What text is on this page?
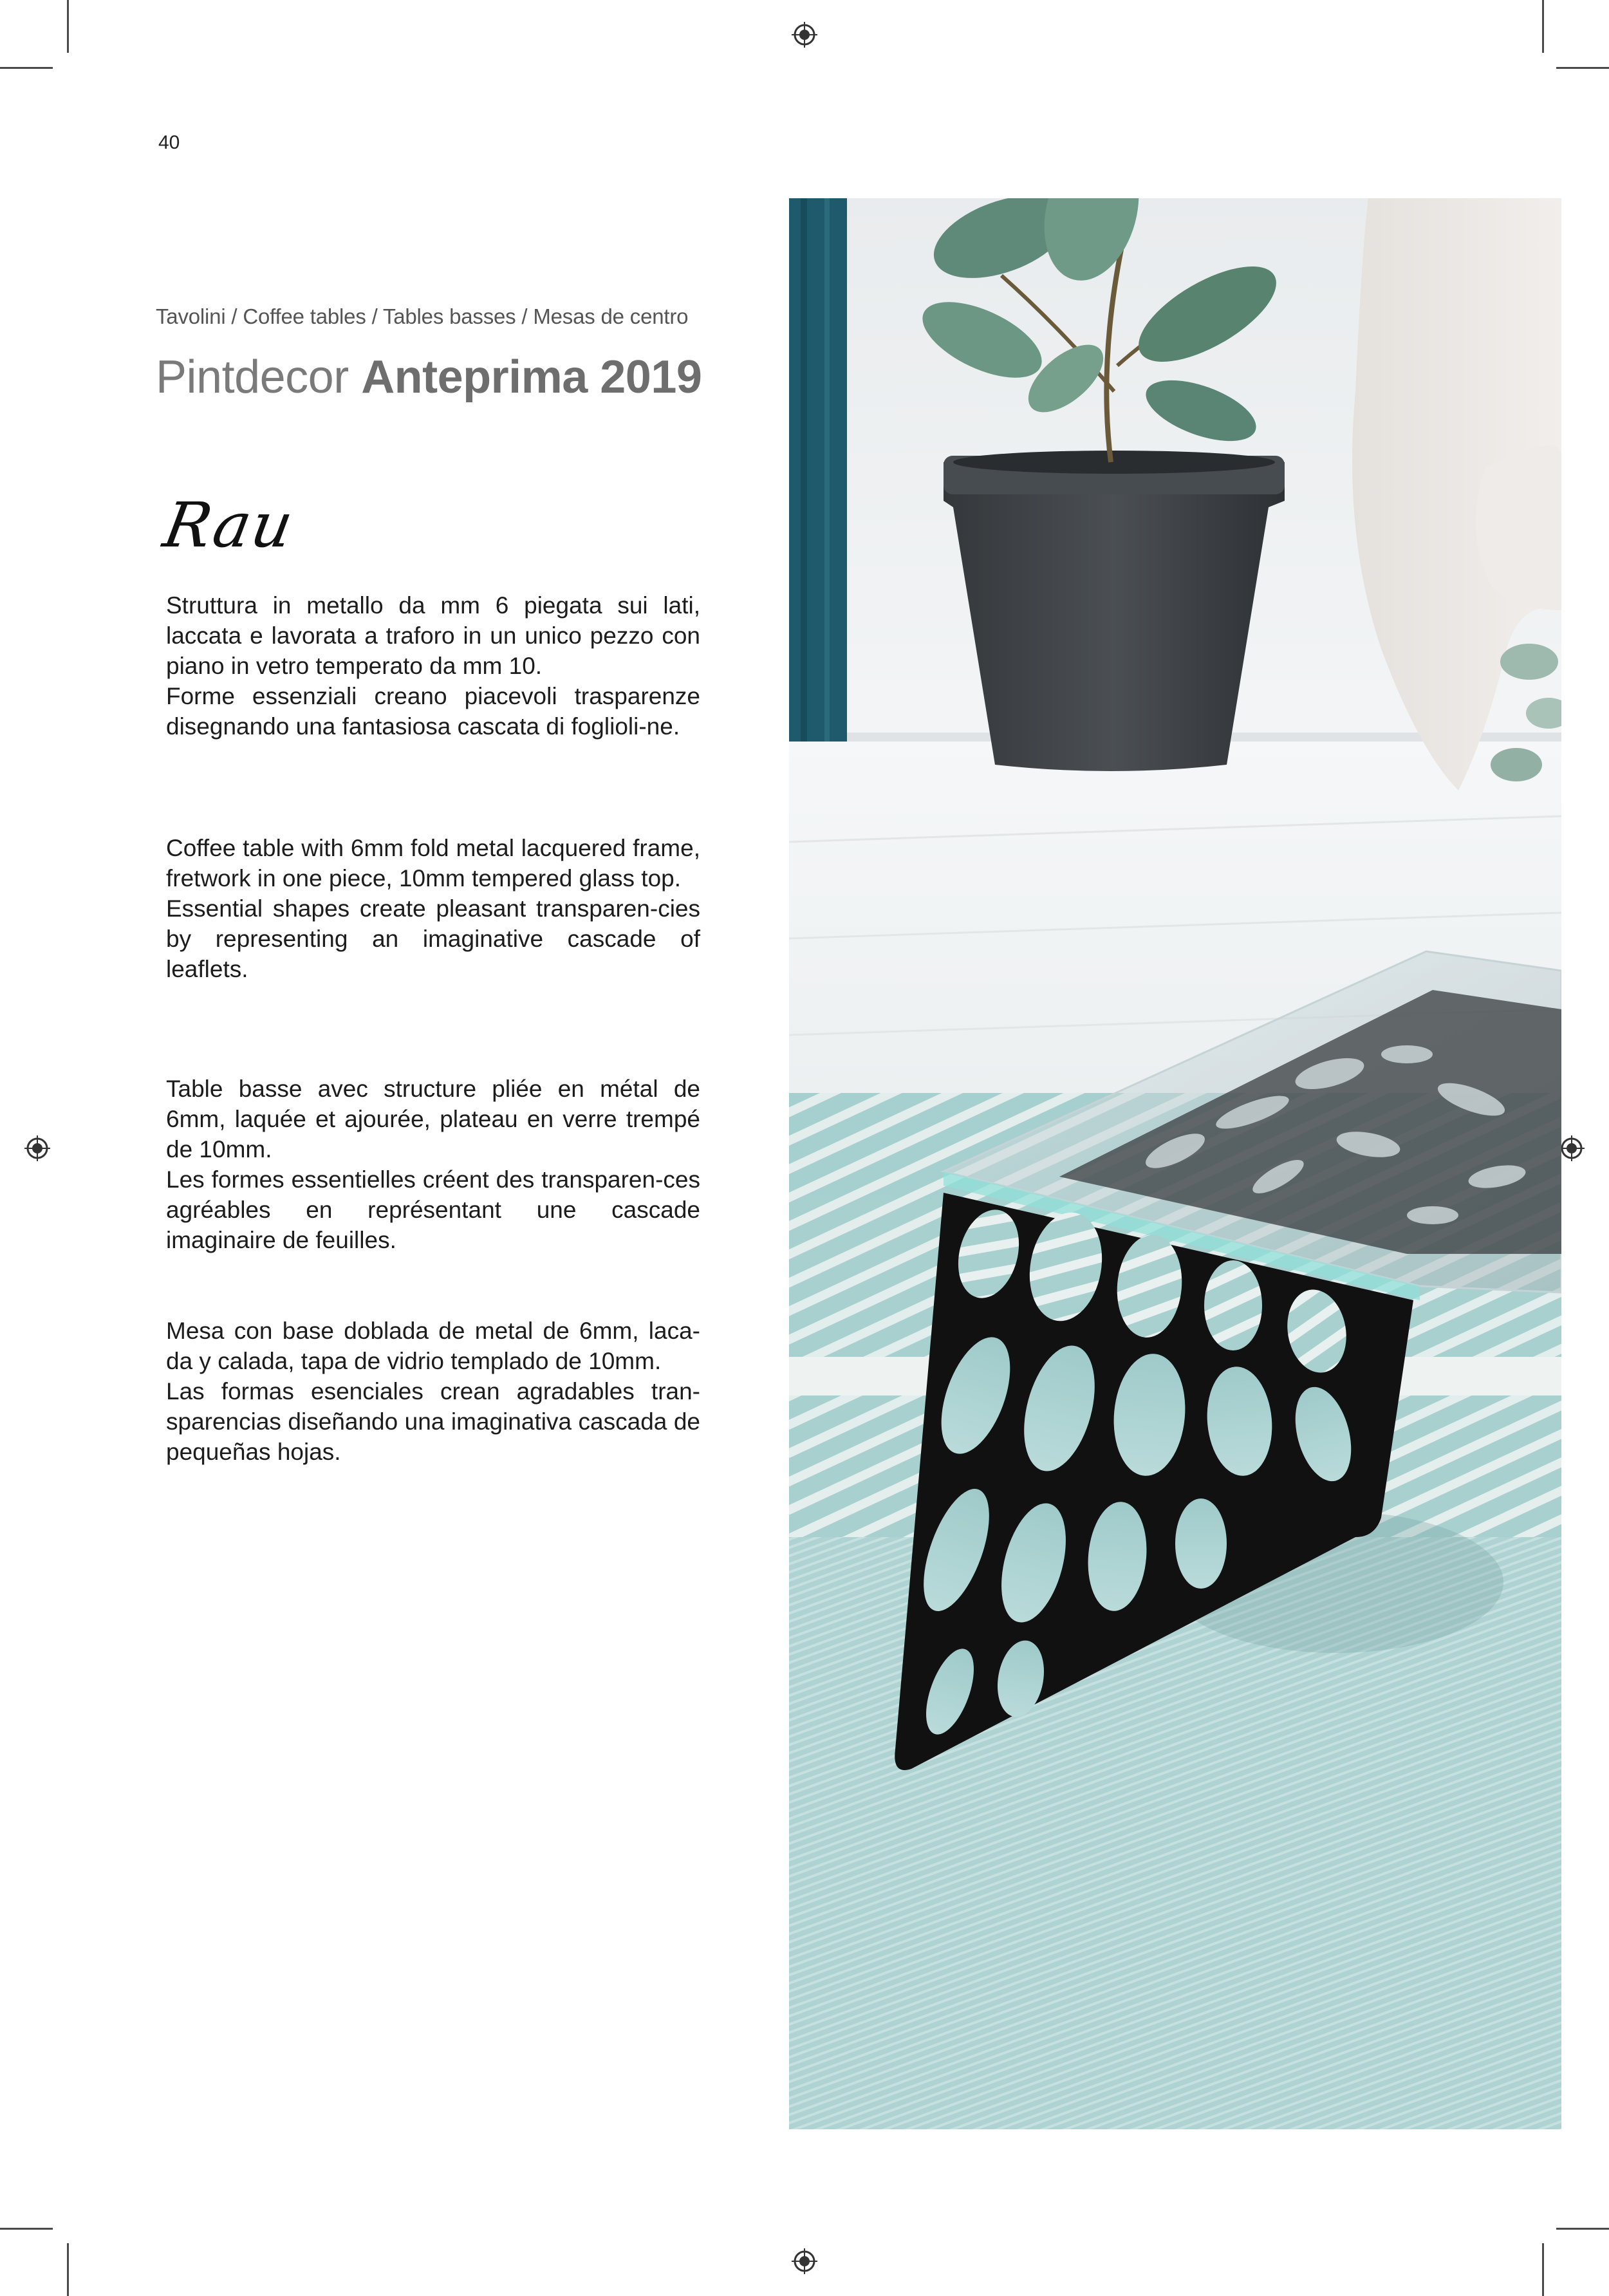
40
Tavolini / Coffee tables / Tables basses / Mesas de centro
Pintdecor Anteprima 2019
Rau

Struttura in metallo da mm 6 piegata sui lati, laccata e lavorata a traforo in un unico pezzo con piano in vetro temperato da mm 10.

Forme essenziali creano piacevoli trasparenze disegnando una fantasiosa cascata di foglioli-ne.

Coffee table with 6mm fold metal lacquered frame, fretwork in one piece, 10mm tempered glass top.

Essential shapes create pleasant transparen-cies by representing an imaginative cascade of leaflets.

Table basse avec structure pliée en métal de 6mm, laquée et ajourée, plateau en verre trempé de 10mm.

Les formes essentielles créent des transparen-ces agréables en représentant une cascade imaginaire de feuilles.

Mesa con base doblada de metal de 6mm, laca-da y calada, tapa de vidrio templado de 10mm.

Las formas esenciales crean agradables tran-sparencias diseñando una imaginativa cascada de pequeñas hojas.
